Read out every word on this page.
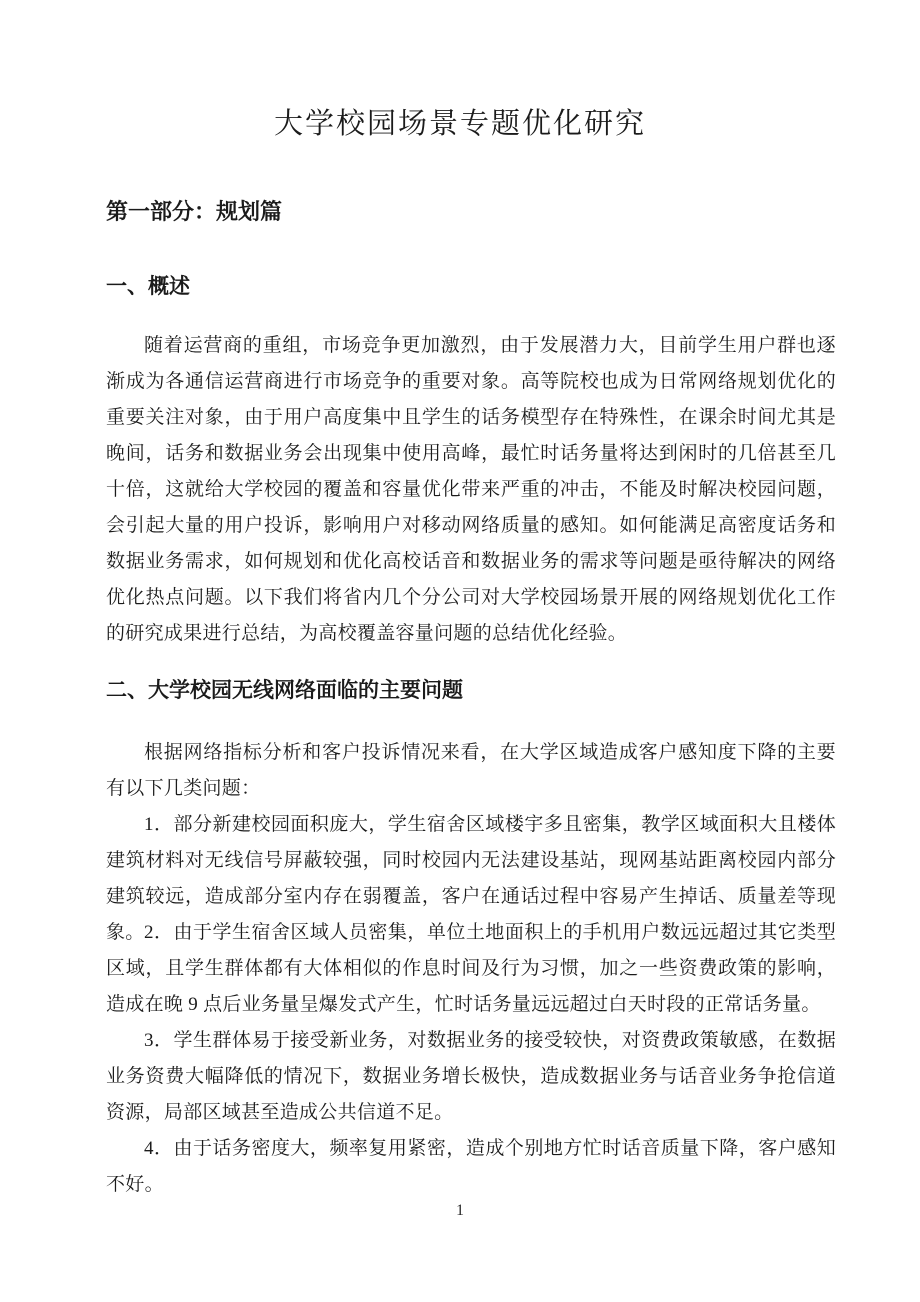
大学校园场景专题优化研究
第一部分：规划篇
一、概述

随着运营商的重组，市场竞争更加激烈，由于发展潜力大，目前学生用户群也逐渐成为各通信运营商进行市场竞争的重要对象。高等院校也成为日常网络规划优化的重要关注对象，由于用户高度集中且学生的话务模型存在特殊性，在课余时间尤其是晚间，话务和数据业务会出现集中使用高峰，最忙时话务量将达到闲时的几倍甚至几十倍，这就给大学校园的覆盖和容量优化带来严重的冲击，不能及时解决校园问题，会引起大量的用户投诉，影响用户对移动网络质量的感知。如何能满足高密度话务和数据业务需求，如何规划和优化高校话音和数据业务的需求等问题是亟待解决的网络优化热点问题。以下我们将省内几个分公司对大学校园场景开展的网络规划优化工作的研究成果进行总结，为高校覆盖容量问题的总结优化经验。

二、大学校园无线网络面临的主要问题

根据网络指标分析和客户投诉情况来看，在大学区域造成客户感知度下降的主要有以下几类问题：

1．部分新建校园面积庞大，学生宿舍区域楼宇多且密集，教学区域面积大且楼体建筑材料对无线信号屏蔽较强，同时校园内无法建设基站，现网基站距离校园内部分建筑较远，造成部分室内存在弱覆盖，客户在通话过程中容易产生掉话、质量差等现象。 2．由于学生宿舍区域人员密集，单位土地面积上的手机用户数远远超过其它类型区域，且学生群体都有大体相似的作息时间及行为习惯，加之一些资费政策的影响，造成在晚 9 点后业务量呈爆发式产生，忙时话务量远远超过白天时段的正常话务量。

3．学生群体易于接受新业务，对数据业务的接受较快，对资费政策敏感，在数据业务资费大幅降低的情况下，数据业务增长极快，造成数据业务与话音业务争抢信道资源，局部区域甚至造成公共信道不足。

4．由于话务密度大，频率复用紧密，造成个别地方忙时话音质量下降，客户感知不好。

1
